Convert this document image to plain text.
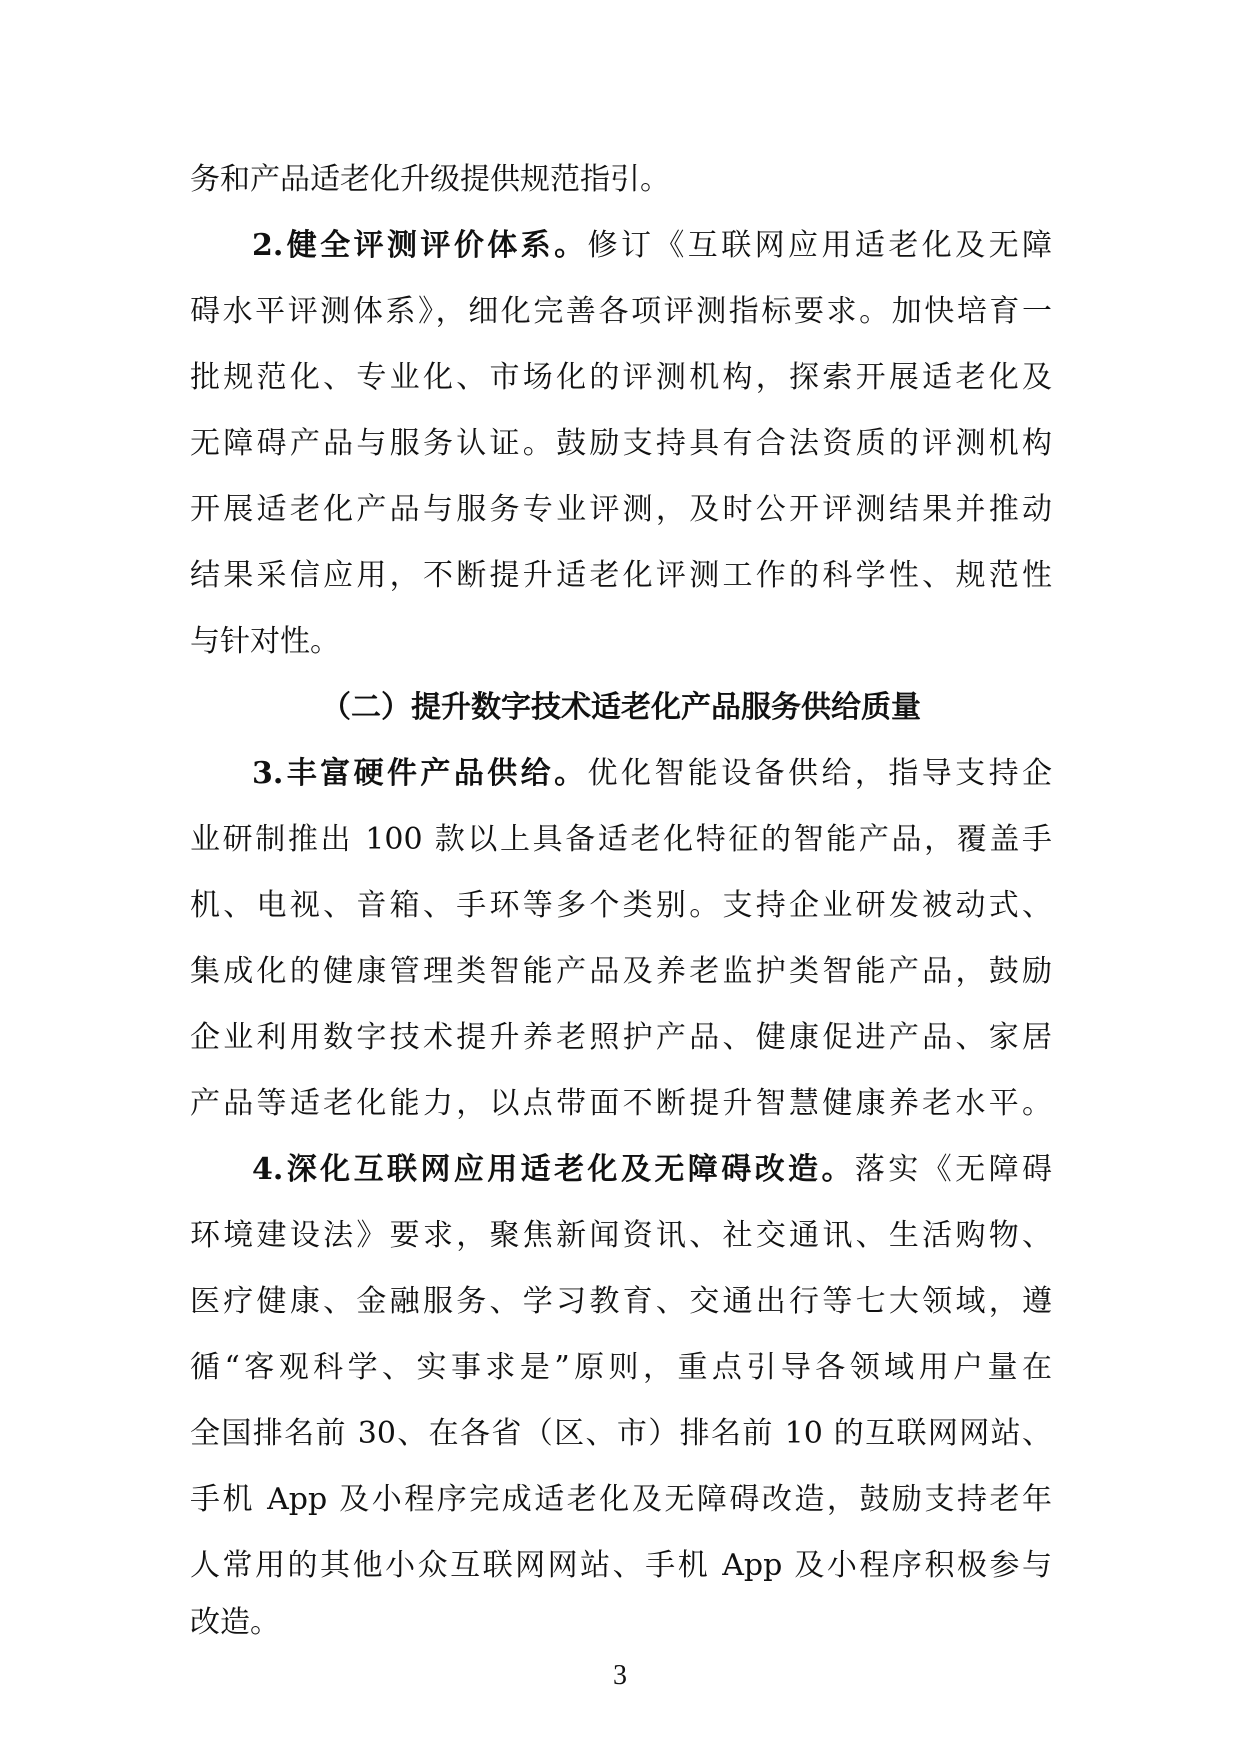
务和产品适老化升级提供规范指引。
2.健全评测评价体系。修订《互联网应用适老化及无障
碍水平评测体系》，细化完善各项评测指标要求。加快培育一
批规范化、专业化、市场化的评测机构，探索开展适老化及
无障碍产品与服务认证。鼓励支持具有合法资质的评测机构
开展适老化产品与服务专业评测，及时公开评测结果并推动
结果采信应用，不断提升适老化评测工作的科学性、规范性
与针对性。
（二）提升数字技术适老化产品服务供给质量
3.丰富硬件产品供给。优化智能设备供给，指导支持企
业研制推出 100 款以上具备适老化特征的智能产品，覆盖手
机、电视、音箱、手环等多个类别。支持企业研发被动式、
集成化的健康管理类智能产品及养老监护类智能产品，鼓励
企业利用数字技术提升养老照护产品、健康促进产品、家居
产品等适老化能力，以点带面不断提升智慧健康养老水平。
4.深化互联网应用适老化及无障碍改造。落实《无障碍
环境建设法》要求，聚焦新闻资讯、社交通讯、生活购物、
医疗健康、金融服务、学习教育、交通出行等七大领域，遵
循“客观科学、实事求是”原则，重点引导各领域用户量在
全国排名前 30、在各省（区、市）排名前 10 的互联网网站、
手机 App 及小程序完成适老化及无障碍改造，鼓励支持老年
人常用的其他小众互联网网站、手机 App 及小程序积极参与
改造。
3
